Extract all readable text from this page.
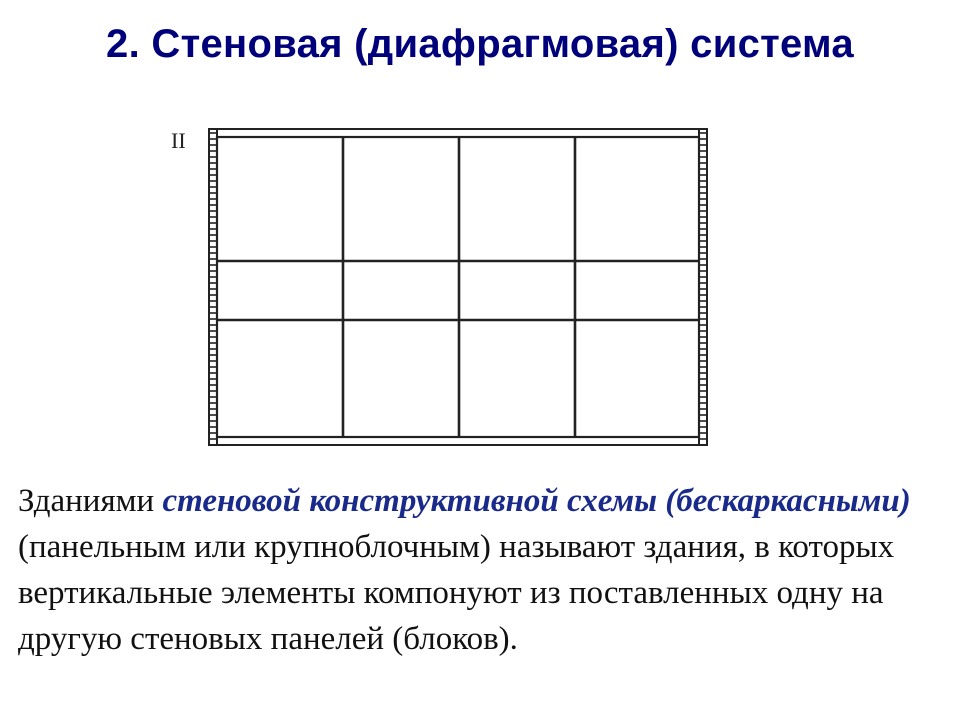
2. Стеновая (диафрагмовая) система
II
Зданиями стеновой конструктивной схемы (бескаркасными) (панельным или крупноблочным) называют здания, в которых вертикальные элементы компонуют из поставленных одну на другую стеновых панелей (блоков).
